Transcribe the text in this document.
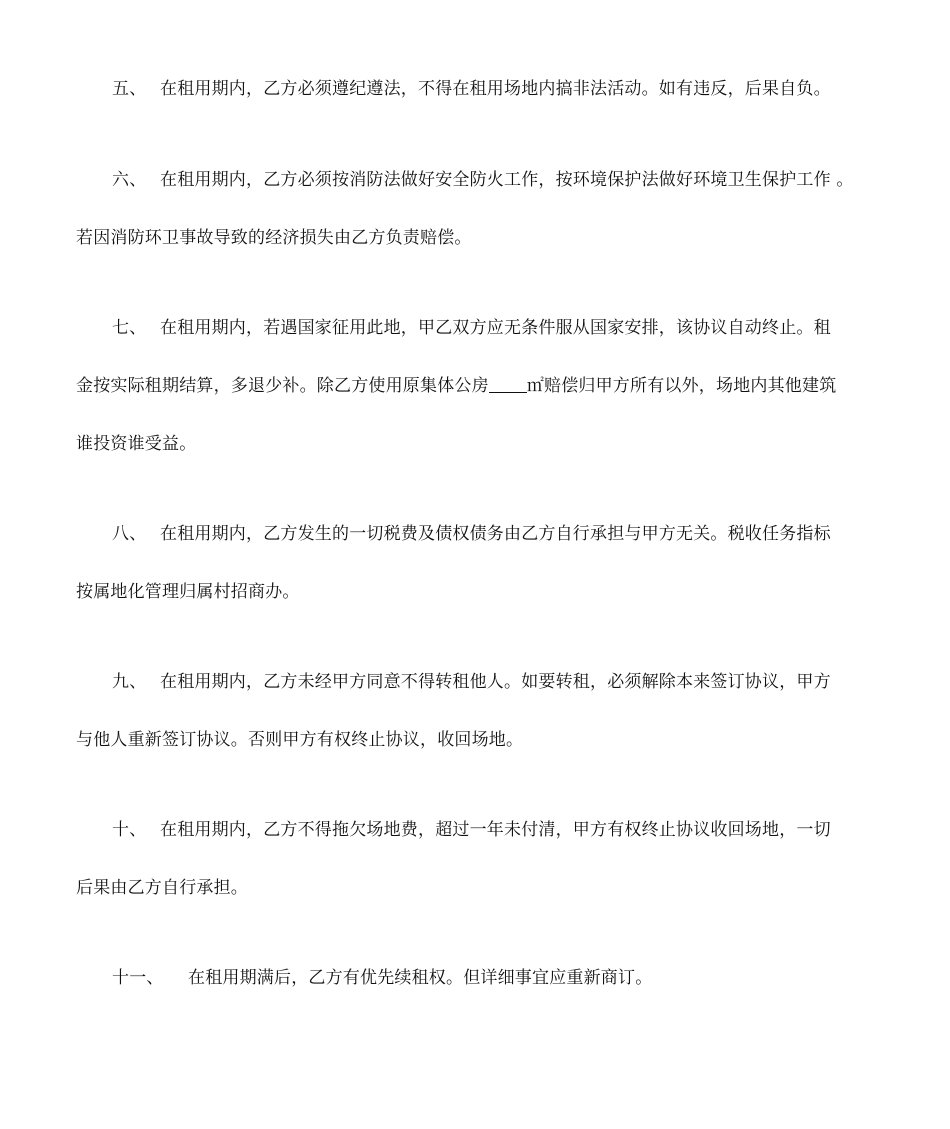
五、 在租用期内，乙方必须遵纪遵法，不得在租用场地内搞非法活动。如有违反，后果自负。
六、 在租用期内，乙方必须按消防法做好安全防火工作，按环境保护法做好环境卫生保护工作 。
若因消防环卫事故导致的经济损失由乙方负责赔偿。
七、 在租用期内，若遇国家征用此地，甲乙双方应无条件服从国家安排，该协议自动终止。租
金按实际租期结算，多退少补。除乙方使用原集体公房 ㎡赔偿归甲方所有以外，场地内其他建筑
谁投资谁受益。
八、 在租用期内，乙方发生的一切税费及债权债务由乙方自行承担与甲方无关。税收任务指标
按属地化管理归属村招商办。
九、 在租用期内，乙方未经甲方同意不得转租他人。如要转租，必须解除本来签订协议，甲方
与他人重新签订协议。否则甲方有权终止协议，收回场地。
十、 在租用期内，乙方不得拖欠场地费，超过一年未付清，甲方有权终止协议收回场地，一切
后果由乙方自行承担。
十一、 在租用期满后，乙方有优先续租权。但详细事宜应重新商订。
